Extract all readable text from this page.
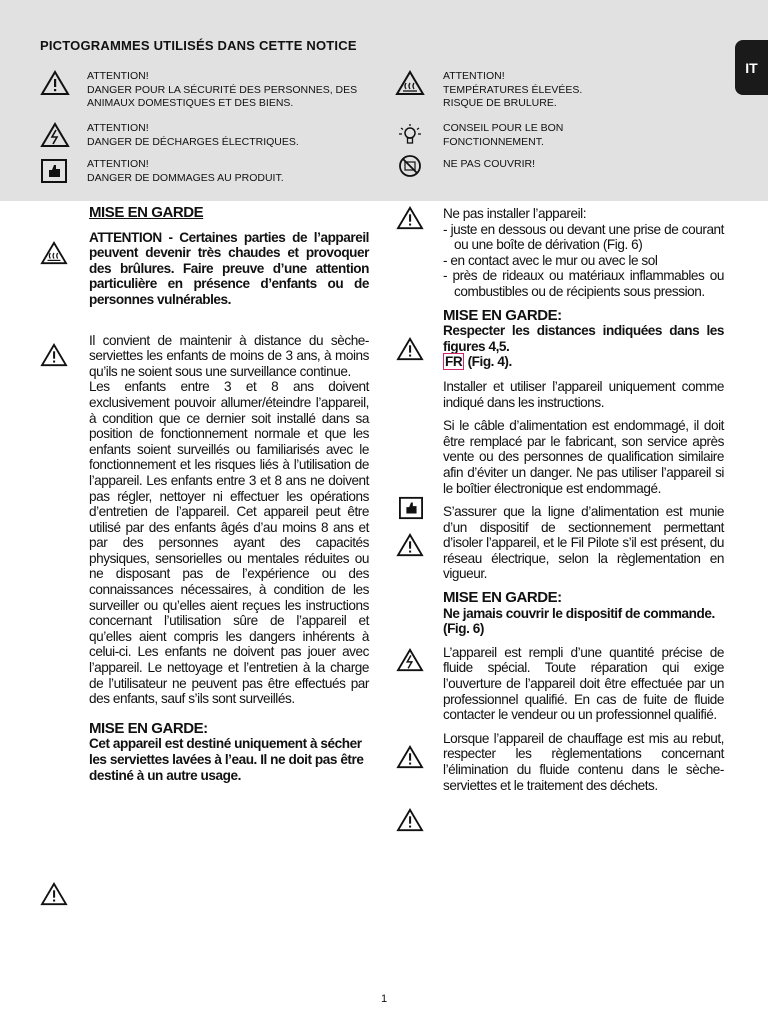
PICTOGRAMMES UTILISÉS DANS CETTE NOTICE
IT
ATTENTION!
DANGER POUR LA SÉCURITÉ DES PERSONNES, DES
ANIMAUX DOMESTIQUES ET DES BIENS.
ATTENTION!
DANGER DE DÉCHARGES ÉLECTRIQUES.
ATTENTION!
DANGER DE DOMMAGES AU PRODUIT.
ATTENTION!
TEMPÉRATURES ÉLEVÉES.
RISQUE DE BRULURE.
CONSEIL POUR LE BON
FONCTIONNEMENT.
NE PAS COUVRIR!
MISE EN GARDE
ATTENTION - Certaines parties de l’appareil peuvent devenir très chaudes et provoquer des brûlures. Faire preuve d’une attention particulière en présence d’enfants ou de personnes vulnérables.
Il convient de maintenir à distance du sèche-serviettes les enfants de moins de 3 ans, à moins qu’ils ne soient sous une surveillance continue.
Les enfants entre 3 et 8 ans doivent exclusivement pouvoir allumer/éteindre l’appareil, à condition que ce dernier soit installé dans sa position de fonctionnement normale et que les enfants soient surveillés ou familiarisés avec le fonctionnement et les risques liés à l’utilisation de l’appareil. Les enfants entre 3 et 8 ans ne doivent pas régler, nettoyer ni effectuer les opérations d’entretien de l’appareil. Cet appareil peut être utilisé par des enfants âgés d’au moins 8 ans et par des personnes ayant des capacités physiques, sensorielles ou mentales réduites ou ne disposant pas de l’expérience ou des connaissances nécessaires, à condition de les surveiller ou qu’elles aient reçues les instructions concernant l’utilisation sûre de l’appareil et qu’elles aient compris les dangers inhérents à celui-ci. Les enfants ne doivent pas jouer avec l’appareil. Le nettoyage et l’entretien à la charge de l’utilisateur ne peuvent pas être effectués par des enfants, sauf s’ils sont surveillés.
MISE EN GARDE:
Cet appareil est destiné uniquement à sécher les serviettes lavées à l’eau. Il ne doit pas être destiné à un autre usage.
Ne pas installer l’appareil:
- juste en dessous ou devant une prise de courant ou une boîte de dérivation (Fig. 6)
- en contact avec le mur ou avec le sol
- près de rideaux ou matériaux inflammables ou combustibles ou de récipients sous pression.
MISE EN GARDE:
Respecter les distances indiquées dans les figures 4,5.
FR (Fig. 4).
Installer et utiliser l’appareil uniquement comme indiqué dans les instructions.
Si le câble d’alimentation est endommagé, il doit être remplacé par le fabricant, son service après vente ou des personnes de qualification similaire afin d’éviter un danger. Ne pas utiliser l’appareil si le boîtier électronique est endommagé.
S’assurer que la ligne d’alimentation est munie d’un dispositif de sectionnement permettant d’isoler l’appareil, et le Fil Pilote s’il est présent, du réseau électrique, selon la règlementation en vigueur.
MISE EN GARDE:
Ne jamais couvrir le dispositif de commande. (Fig. 6)
L’appareil est rempli d’une quantité précise de fluide spécial. Toute réparation qui exige l’ouverture de l’appareil doit être effectuée par un professionnel qualifié. En cas de fuite de fluide contacter le vendeur ou un professionnel qualifié.
Lorsque l’appareil de chauffage est mis au rebut, respecter les règlementations concernant l’élimination du fluide contenu dans le sèche-serviettes et le traitement des déchets.
1
